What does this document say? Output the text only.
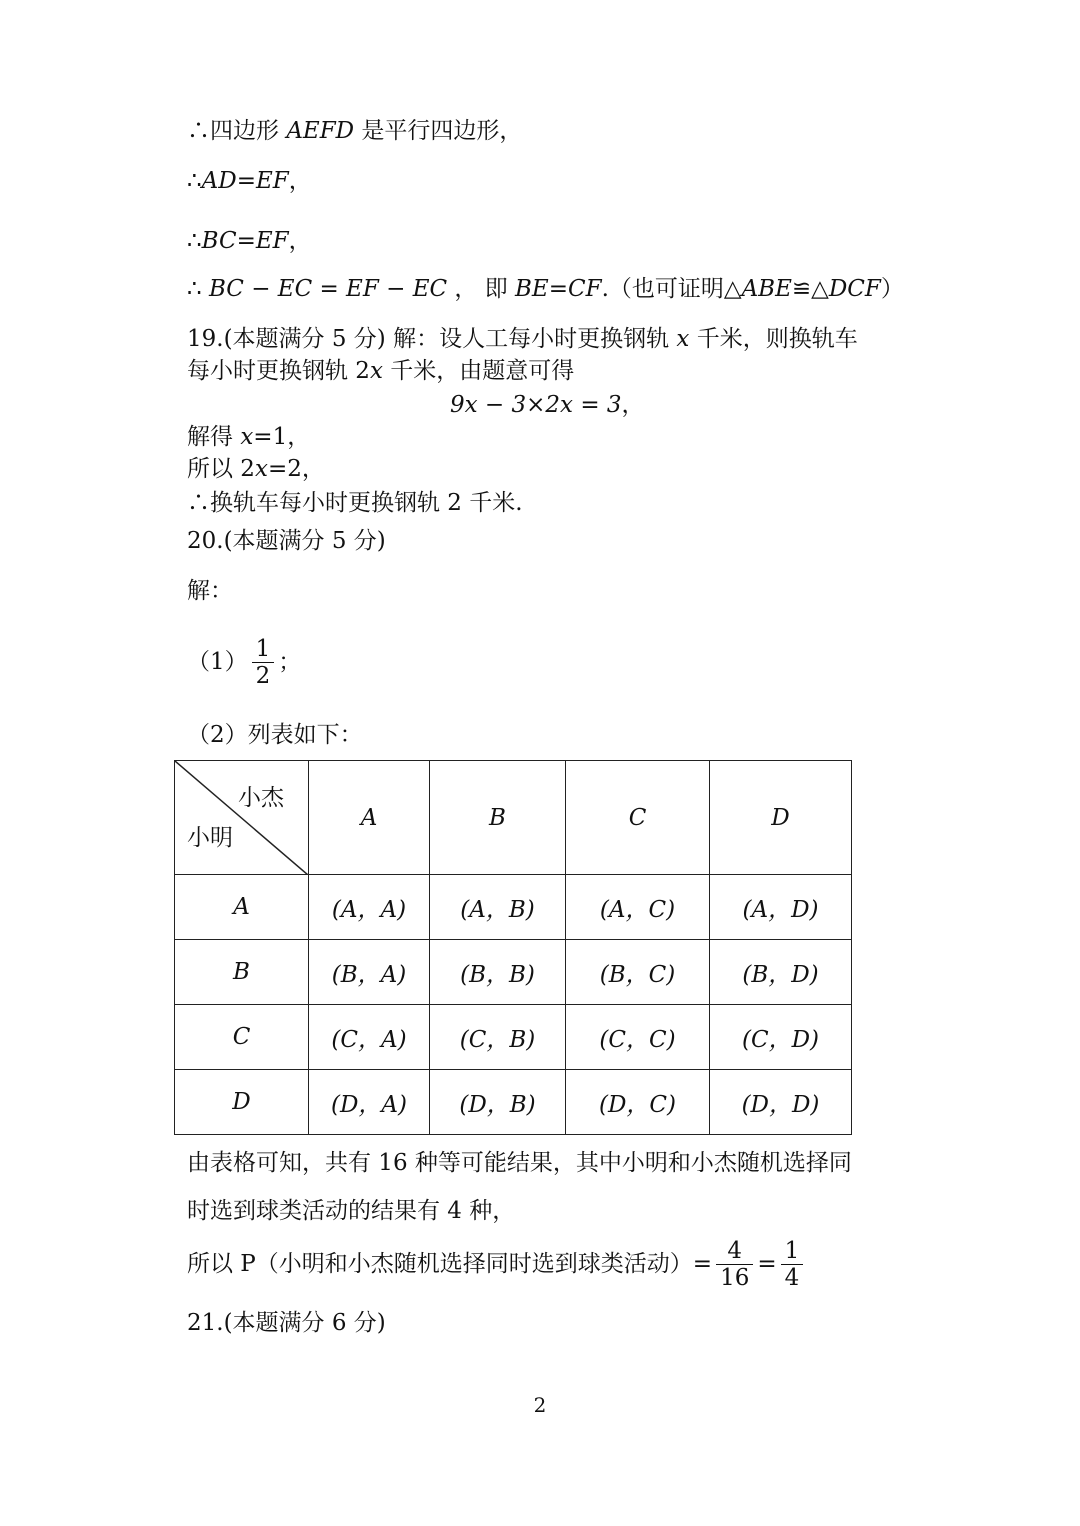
∴四边形 AEFD 是平行四边形，
∴AD=EF，
∴BC=EF，
∴ BC − EC = EF − EC ， 即 BE=CF.（也可证明△ABE≌△DCF）
19.(本题满分 5 分) 解：设人工每小时更换钢轨 x 千米，则换轨车
每小时更换钢轨 2x 千米，由题意可得
9x − 3×2x = 3，
解得 x=1，
所以 2x=2，
∴换轨车每小时更换钢轨 2 千米.
20.(本题满分 5 分)
解：
$(1) \frac{1}{2}$ ；
（2）列表如下：
小杰
小明	A	B	C	D
A	(A，A)	(A，B)	(A，C)	(A，D)
B	(B，A)	(B，B)	(B，C)	(B，D)
C	(C，A)	(C，B)	(C，C)	(C，D)
D	(D，A)	(D，B)	(D，C)	(D，D)
由表格可知，共有 16 种等可能结果，其中小明和小杰随机选择同
时选到球类活动的结果有 4 种，
所以 P（小明和小杰随机选择同时选到球类活动）= $\frac{4}{16} = \frac{1}{4}$
21.(本题满分 6 分)
2
